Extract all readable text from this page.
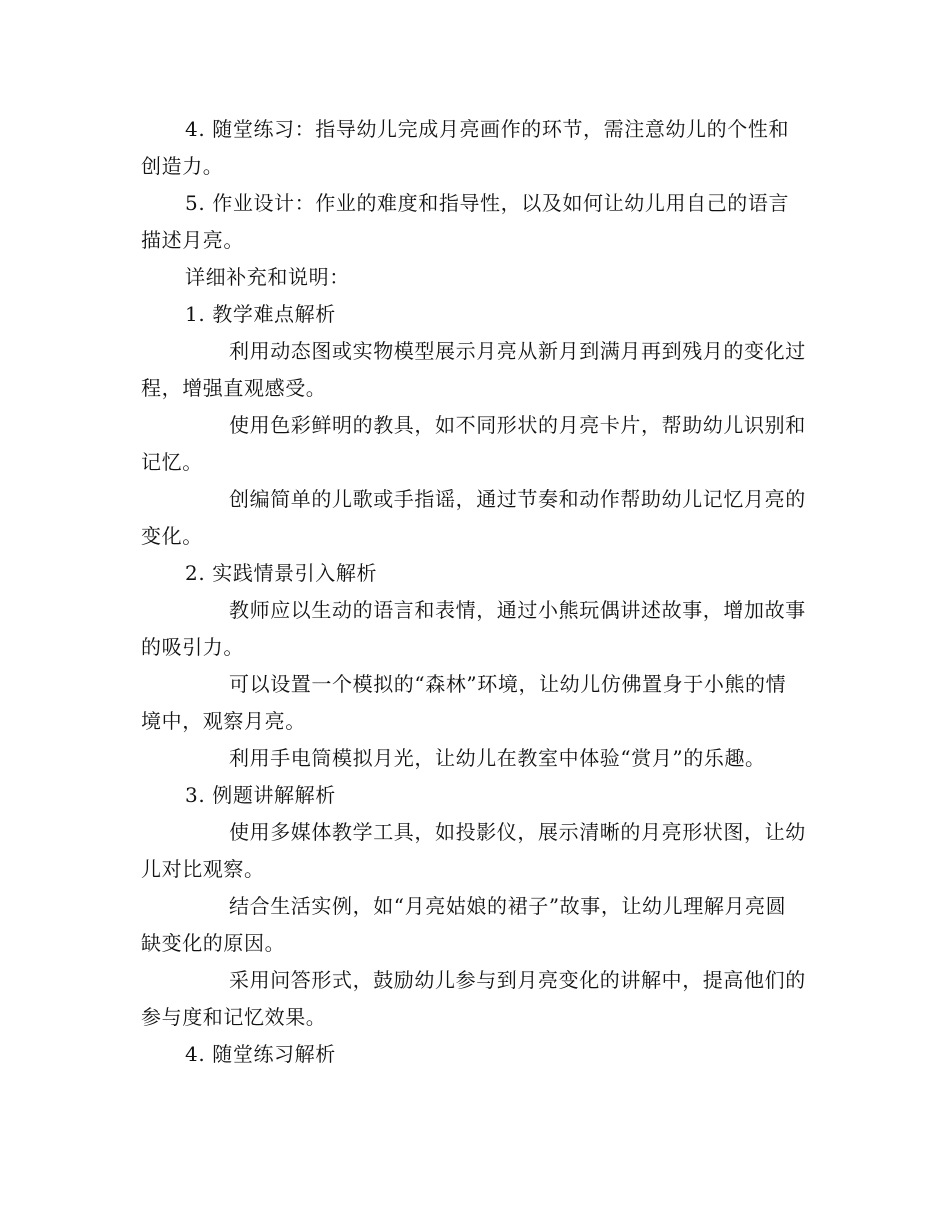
4. 随堂练习：指导幼儿完成月亮画作的环节，需注意幼儿的个性和创造力。

5. 作业设计：作业的难度和指导性，以及如何让幼儿用自己的语言描述月亮。

详细补充和说明：

1. 教学难点解析

利用动态图或实物模型展示月亮从新月到满月再到残月的变化过程，增强直观感受。

使用色彩鲜明的教具，如不同形状的月亮卡片，帮助幼儿识别和记忆。

创编简单的儿歌或手指谣，通过节奏和动作帮助幼儿记忆月亮的变化。

2. 实践情景引入解析

教师应以生动的语言和表情，通过小熊玩偶讲述故事，增加故事的吸引力。

可以设置一个模拟的“森林”环境，让幼儿仿佛置身于小熊的情境中，观察月亮。

利用手电筒模拟月光，让幼儿在教室中体验“赏月”的乐趣。

3. 例题讲解解析

使用多媒体教学工具，如投影仪，展示清晰的月亮形状图，让幼儿对比观察。

结合生活实例，如“月亮姑娘的裙子”故事，让幼儿理解月亮圆缺变化的原因。

采用问答形式，鼓励幼儿参与到月亮变化的讲解中，提高他们的参与度和记忆效果。

4. 随堂练习解析
